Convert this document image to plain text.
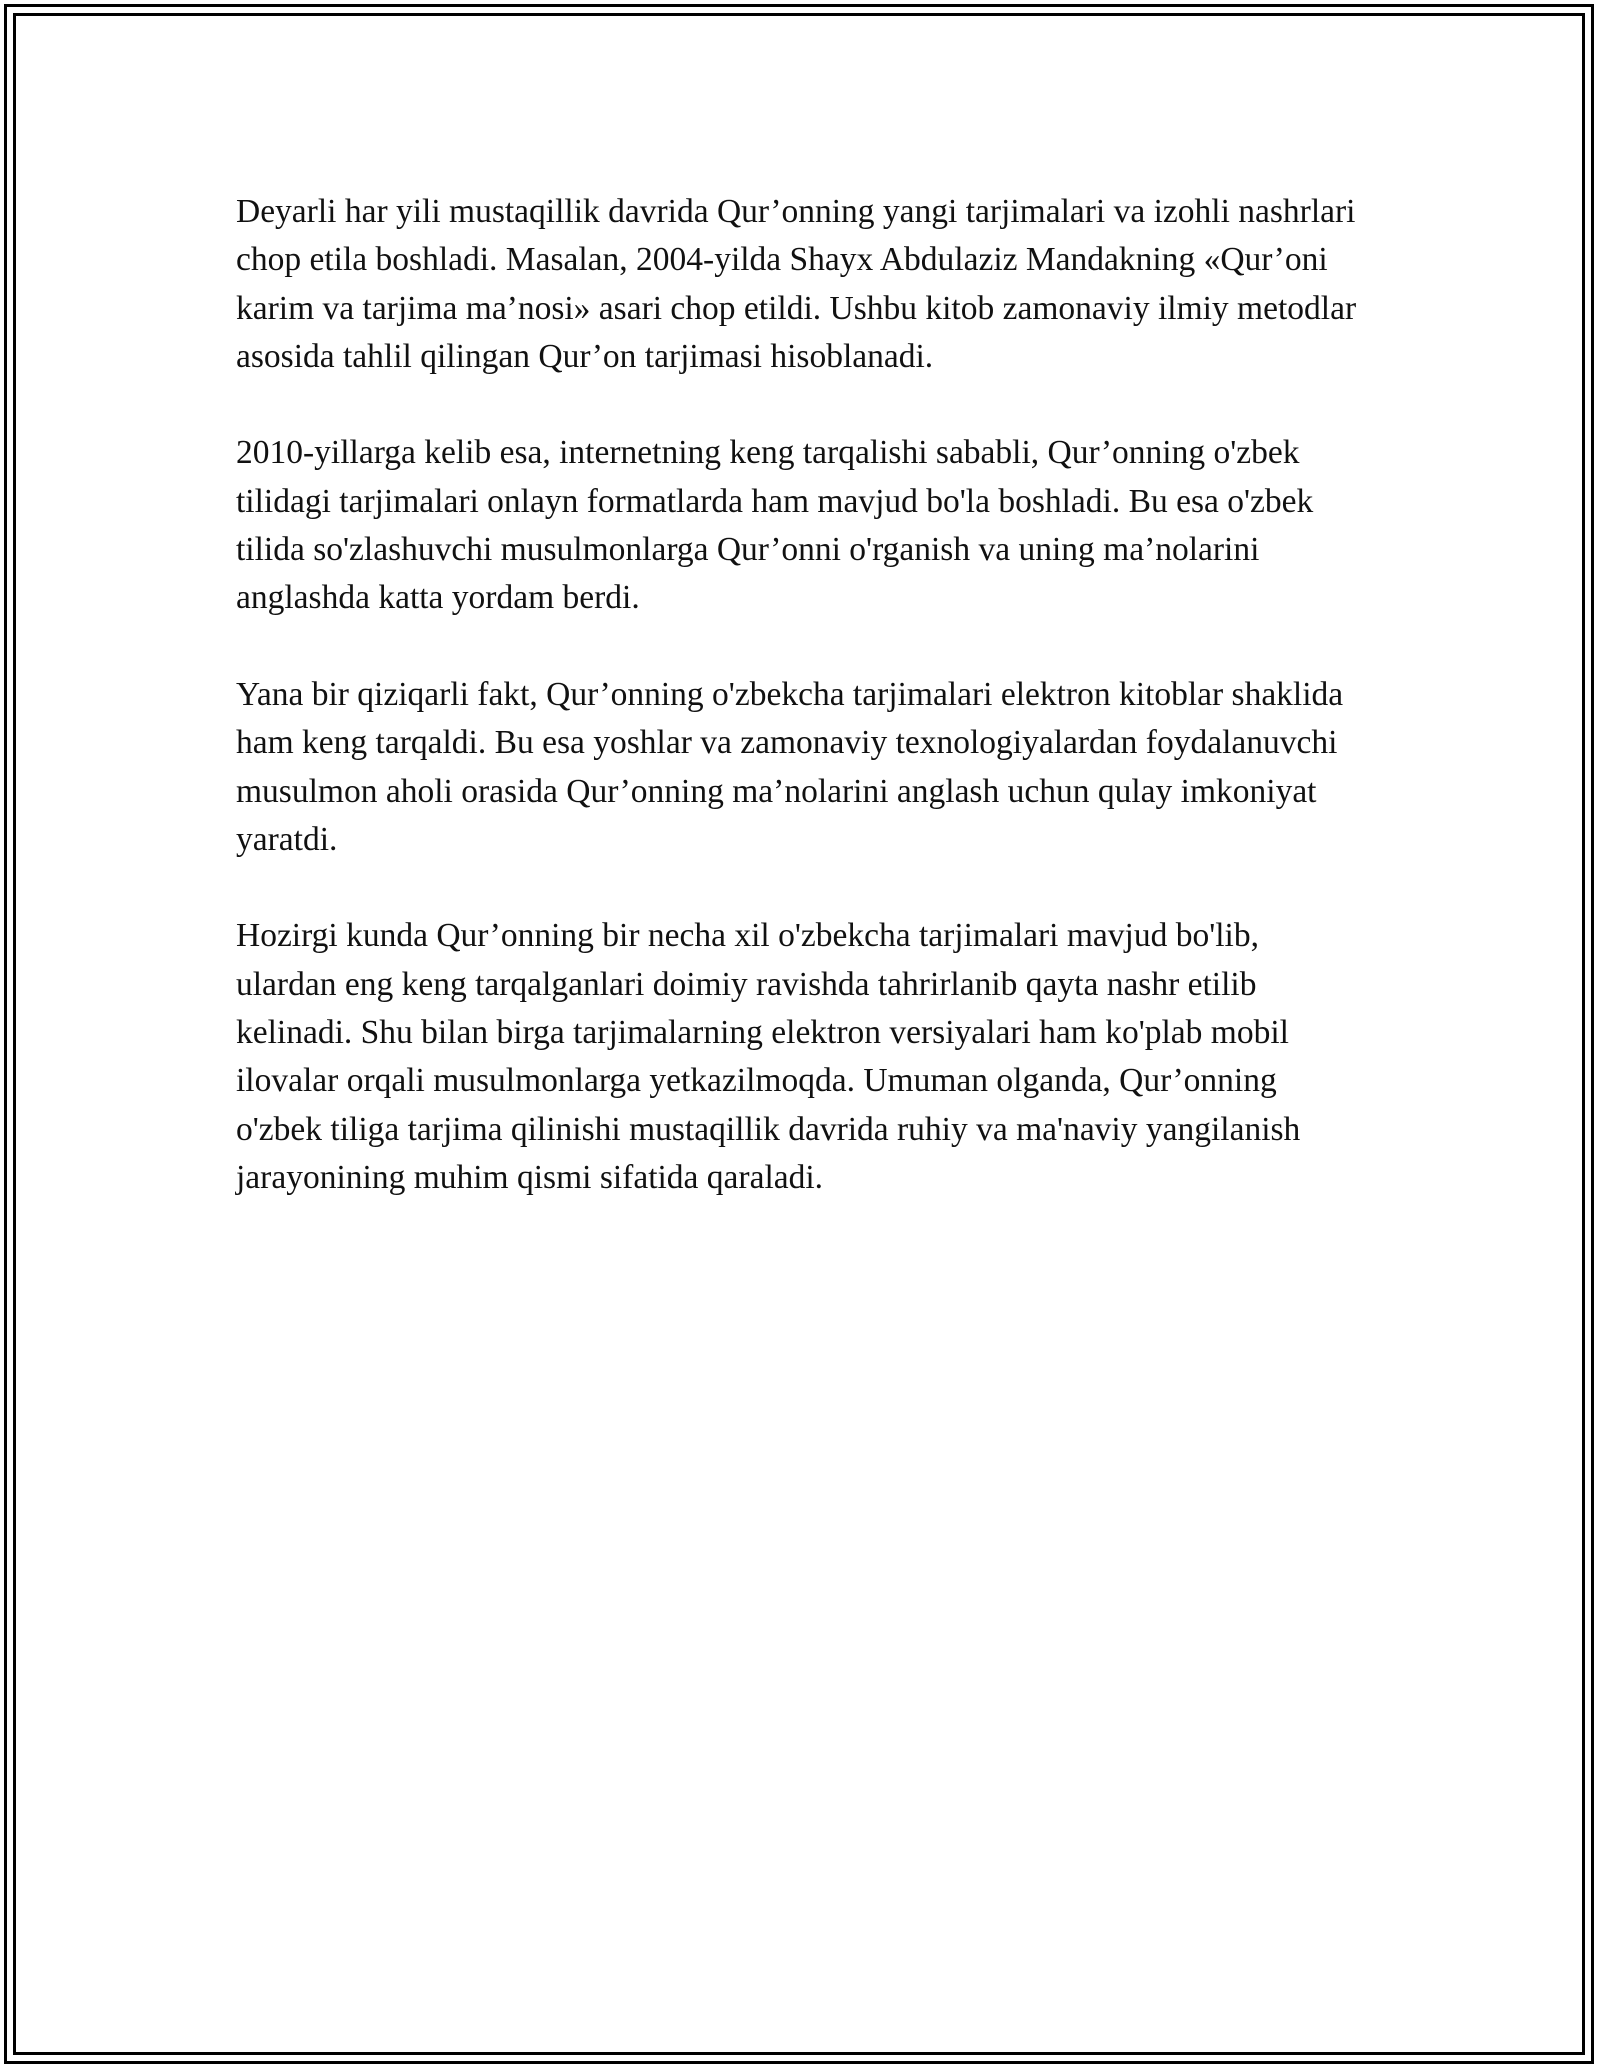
Deyarli har yili mustaqillik davrida Qur’onning yangi tarjimalari va izohli nashrlari chop etila boshladi. Masalan, 2004-yilda Shayx Abdulaziz Mandakning «Qur’oni karim va tarjima ma’nosi» asari chop etildi. Ushbu kitob zamonaviy ilmiy metodlar asosida tahlil qilingan Qur’on tarjimasi hisoblanadi.

2010-yillarga kelib esa, internetning keng tarqalishi sababli, Qur’onning o'zbek tilidagi tarjimalari onlayn formatlarda ham mavjud bo'la boshladi. Bu esa o'zbek tilida so'zlashuvchi musulmonlarga Qur’onni o'rganish va uning ma’nolarini anglashda katta yordam berdi.

Yana bir qiziqarli fakt, Qur’onning o'zbekcha tarjimalari elektron kitoblar shaklida ham keng tarqaldi. Bu esa yoshlar va zamonaviy texnologiyalardan foydalanuvchi musulmon aholi orasida Qur’onning ma’nolarini anglash uchun qulay imkoniyat yaratdi.

Hozirgi kunda Qur’onning bir necha xil o'zbekcha tarjimalari mavjud bo'lib, ulardan eng keng tarqalganlari doimiy ravishda tahrirlanib qayta nashr etilib kelinadi. Shu bilan birga tarjimalarning elektron versiyalari ham ko'plab mobil ilovalar orqali musulmonlarga yetkazilmoqda. Umuman olganda, Qur’onning o'zbek tiliga tarjima qilinishi mustaqillik davrida ruhiy va ma'naviy yangilanish jarayonining muhim qismi sifatida qaraladi.
